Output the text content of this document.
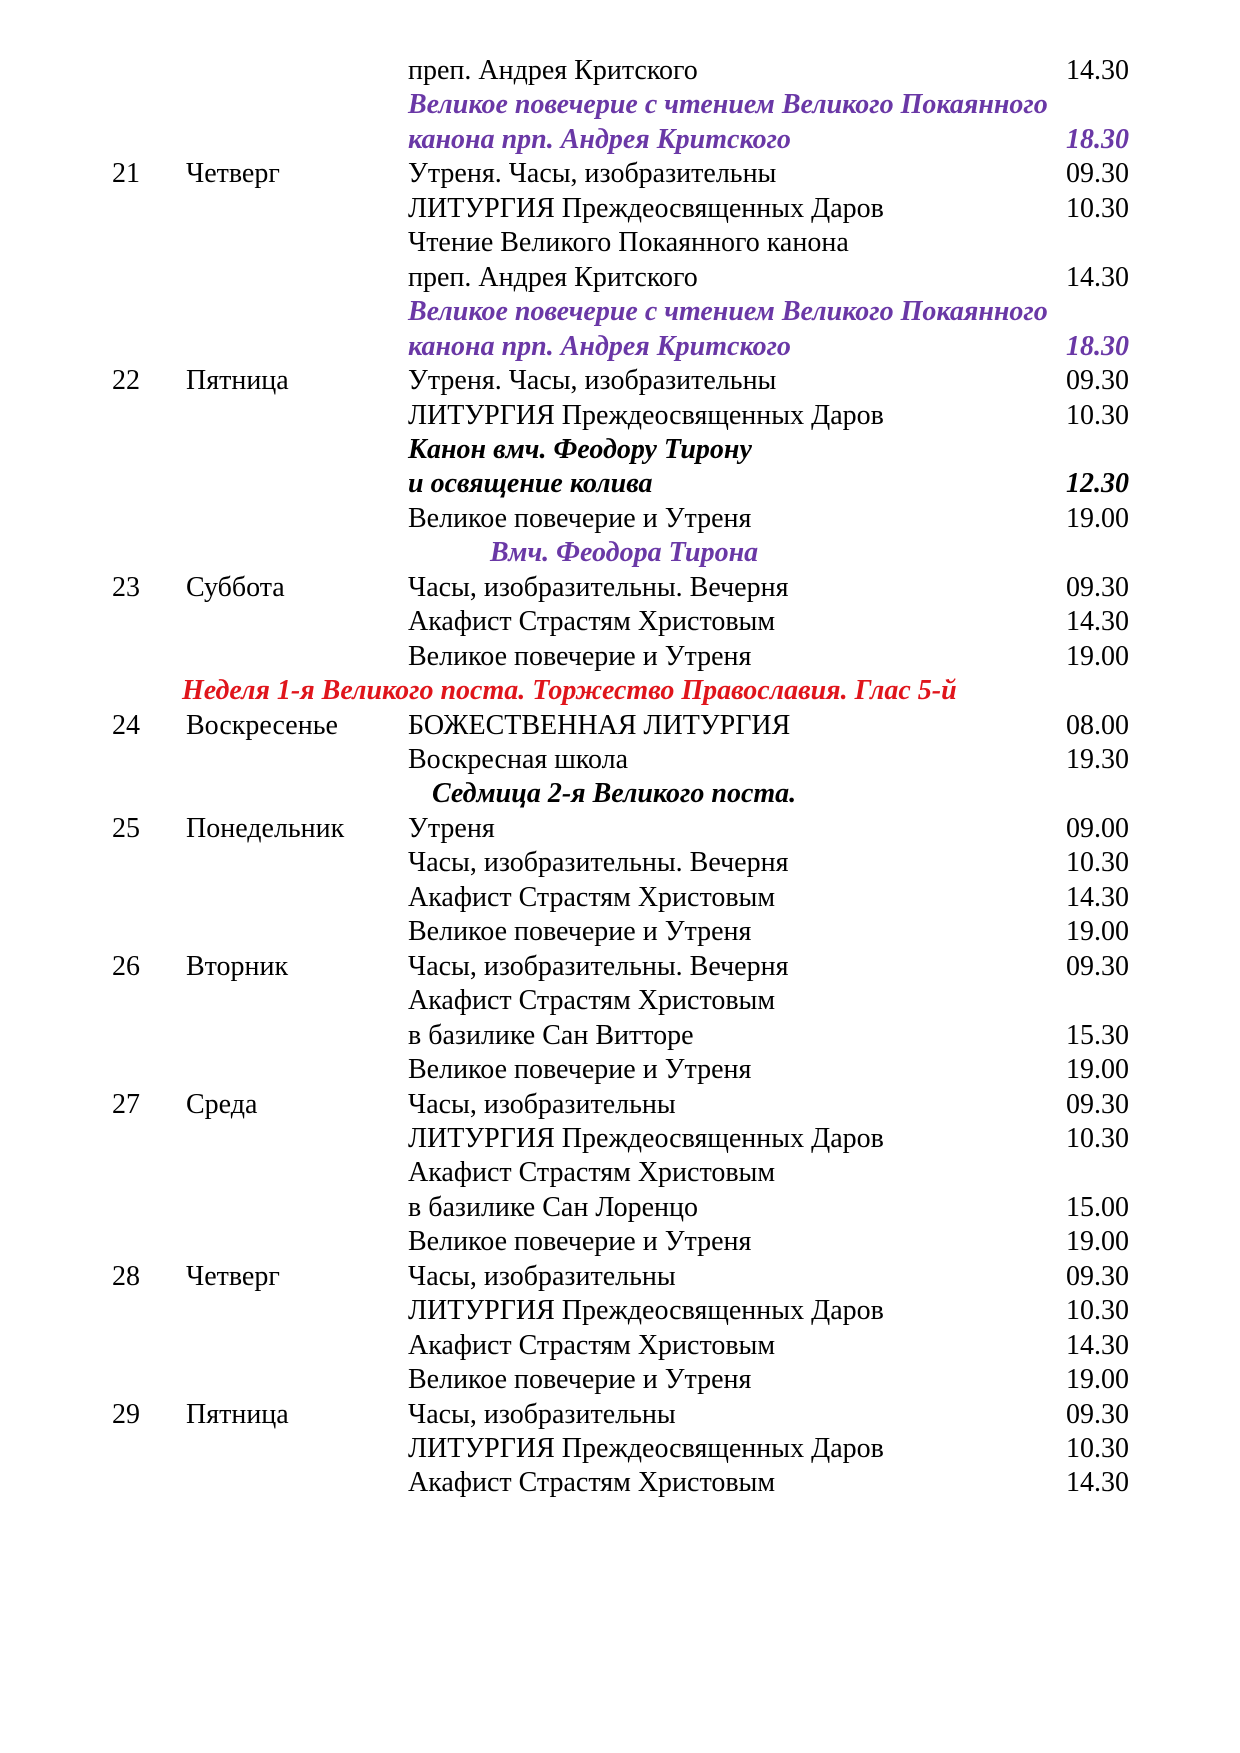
преп. Андрея Критского	14.30
Великое повечерие с чтением Великого Покаянного
канона прп. Андрея Критского	18.30
21 Четверг	Утреня. Часы, изобразительны	09.30
ЛИТУРГИЯ Преждеосвященных Даров	10.30
Чтение Великого Покаянного канона
преп. Андрея Критского	14.30
Великое повечерие с чтением Великого Покаянного
канона прп. Андрея Критского	18.30
22 Пятница	Утреня. Часы, изобразительны	09.30
ЛИТУРГИЯ Преждеосвященных Даров	10.30
Канон вмч. Феодору Тирону
и освящение колива	12.30
Великое повечерие и Утреня	19.00
Вмч. Феодора Тирона
23 Суббота	Часы, изобразительны. Вечерня	09.30
Акафист Страстям Христовым	14.30
Великое повечерие и Утреня	19.00
Неделя 1-я Великого поста. Торжество Православия. Глас 5-й
24 Воскресенье	БОЖЕСТВЕННАЯ ЛИТУРГИЯ	08.00
Воскресная школа	19.30
Седмица 2-я Великого поста.
25 Понедельник Утреня	09.00
Часы, изобразительны. Вечерня	10.30
Акафист Страстям Христовым	14.30
Великое повечерие и Утреня	19.00
26 Вторник	Часы, изобразительны. Вечерня	09.30
Акафист Страстям Христовым
в базилике Сан Витторе	15.30
Великое повечерие и Утреня	19.00
27 Среда	Часы, изобразительны	09.30
ЛИТУРГИЯ Преждеосвященных Даров	10.30
Акафист Страстям Христовым
в базилике Сан Лоренцо	15.00
Великое повечерие и Утреня	19.00
28 Четверг	Часы, изобразительны	09.30
ЛИТУРГИЯ Преждеосвященных Даров	10.30
Акафист Страстям Христовым	14.30
Великое повечерие и Утреня	19.00
29 Пятница	Часы, изобразительны	09.30
ЛИТУРГИЯ Преждеосвященных Даров	10.30
Акафист Страстям Христовым	14.30
